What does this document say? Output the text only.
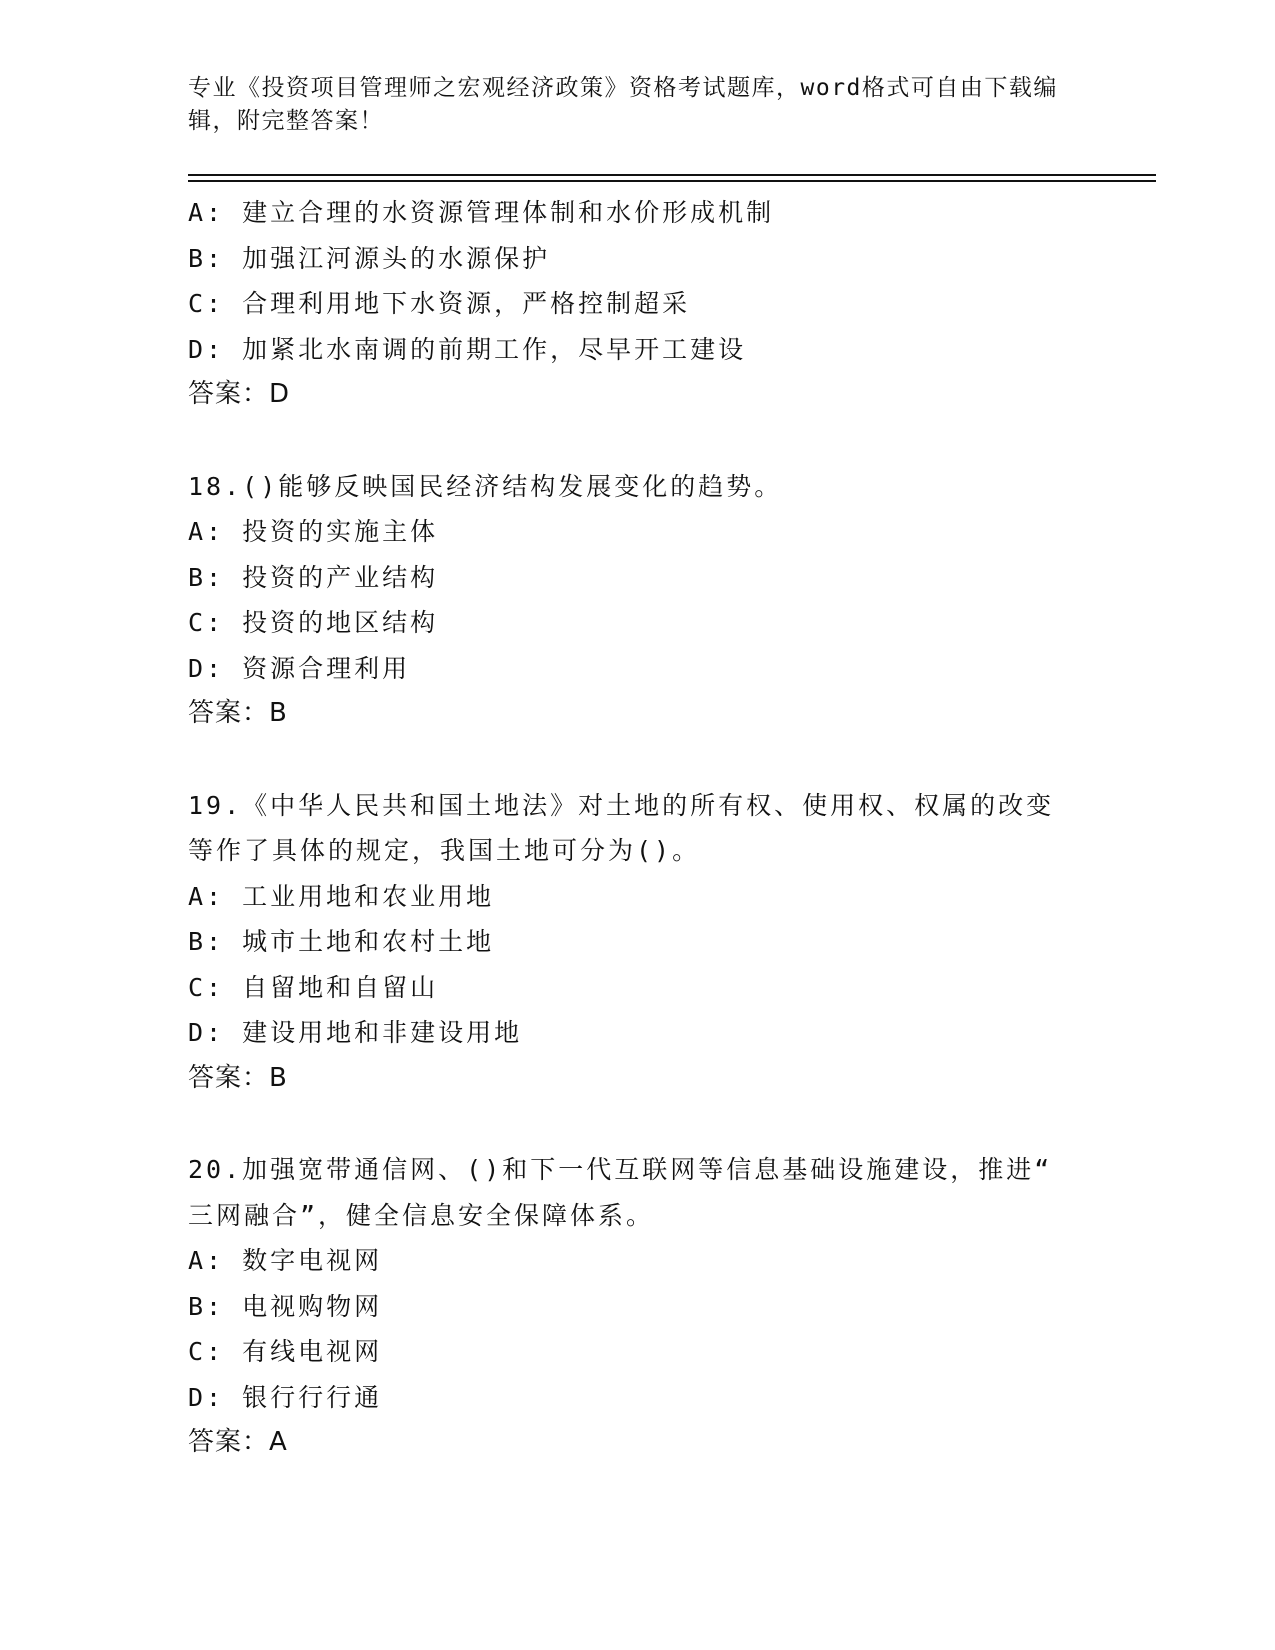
专业《投资项目管理师之宏观经济政策》资格考试题库，word格式可自由下载编
辑，附完整答案！
A: 建立合理的水资源管理体制和水价形成机制
B: 加强江河源头的水源保护
C: 合理利用地下水资源，严格控制超采
D: 加紧北水南调的前期工作，尽早开工建设
答案：D
18.()能够反映国民经济结构发展变化的趋势。
A: 投资的实施主体
B: 投资的产业结构
C: 投资的地区结构
D: 资源合理利用
答案：B
19.《中华人民共和国土地法》对土地的所有权、使用权、权属的改变
等作了具体的规定，我国土地可分为()。
A: 工业用地和农业用地
B: 城市土地和农村土地
C: 自留地和自留山
D: 建设用地和非建设用地
答案：B
20.加强宽带通信网、()和下一代互联网等信息基础设施建设，推进“
三网融合”，健全信息安全保障体系。
A: 数字电视网
B: 电视购物网
C: 有线电视网
D: 银行行行通
答案：A
